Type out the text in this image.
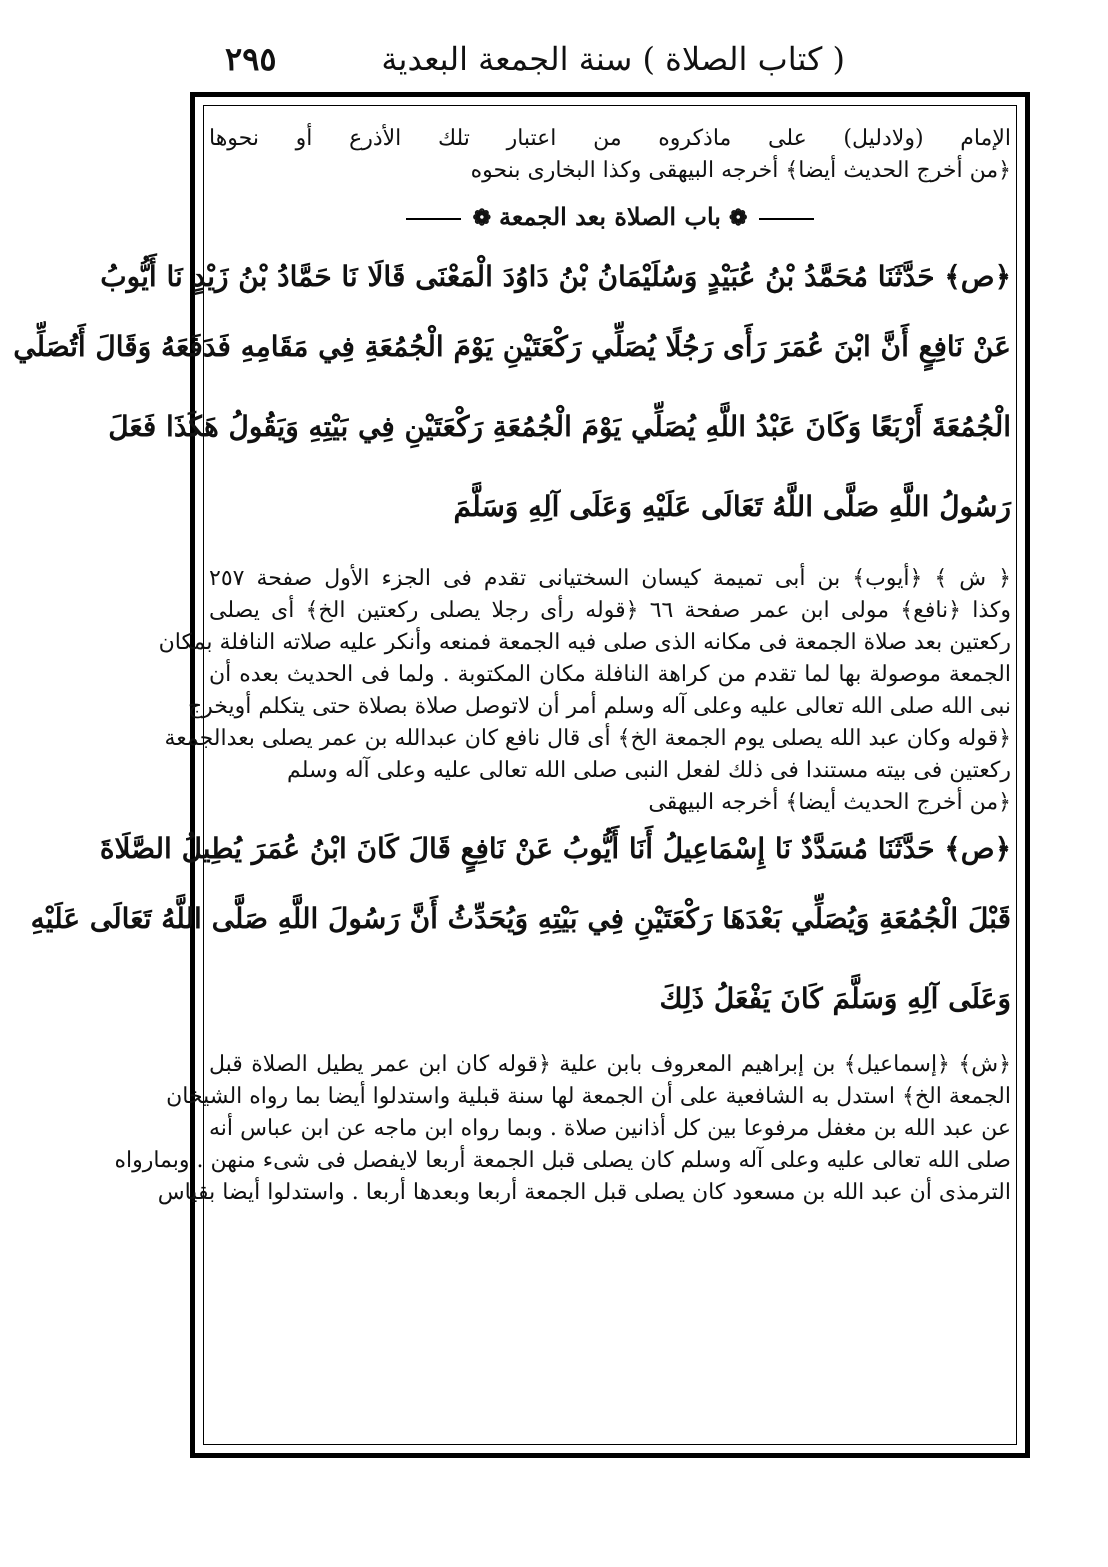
٢٩٥	( كتاب الصلاة ) سنة الجمعة البعدية
الإمام (ولادليل) على ماذكروه من اعتبار تلك الأذرع أو نحوها
﴿من أخرج الحديث أيضا﴾ أخرجه البيهقى وكذا البخارى بنحوه
❁باب الصلاة بعد الجمعة❁
﴿ص﴾ حَدَّثَنَا مُحَمَّدُ بْنُ عُبَيْدٍ وَسُلَيْمَانُ بْنُ دَاوُدَ الْمَعْنَى قَالَا نَا حَمَّادُ بْنُ زَيْدٍ نَا أَيُّوبُ
عَنْ نَافِعٍ أَنَّ ابْنَ عُمَرَ رَأَى رَجُلًا يُصَلِّي رَكْعَتَيْنِ يَوْمَ الْجُمُعَةِ فِي مَقَامِهِ فَدَفَعَهُ وَقَالَ أَتُصَلِّي
الْجُمُعَةَ أَرْبَعًا وَكَانَ عَبْدُ اللَّهِ يُصَلِّي يَوْمَ الْجُمُعَةِ رَكْعَتَيْنِ فِي بَيْتِهِ وَيَقُولُ هَكَذَا فَعَلَ
رَسُولُ اللَّهِ صَلَّى اللَّهُ تَعَالَى عَلَيْهِ وَعَلَى آلِهِ وَسَلَّمَ
﴿ ش ﴾ ﴿أيوب﴾ بن أبى تميمة كيسان السختيانى تقدم فى الجزء الأول صفحة ٢٥٧
وكذا ﴿نافع﴾ مولى ابن عمر صفحة ٦٦ ﴿قوله رأى رجلا يصلى ركعتين الخ﴾ أى يصلى
ركعتين بعد صلاة الجمعة فى مكانه الذى صلى فيه الجمعة فمنعه وأنكر عليه صلاته النافلة بمكان
الجمعة موصولة بها لما تقدم من كراهة النافلة مكان المكتوبة . ولما فى الحديث بعده أن
نبى الله صلى الله تعالى عليه وعلى آله وسلم أمر أن لاتوصل صلاة بصلاة حتى يتكلم أويخرج
﴿قوله وكان عبد الله يصلى يوم الجمعة الخ﴾ أى قال نافع كان عبدالله بن عمر يصلى بعدالجمعة
ركعتين فى بيته مستندا فى ذلك لفعل النبى صلى الله تعالى عليه وعلى آله وسلم
﴿من أخرج الحديث أيضا﴾ أخرجه البيهقى
﴿ص﴾ حَدَّثَنَا مُسَدَّدٌ نَا إِسْمَاعِيلُ أَنَا أَيُّوبُ عَنْ نَافِعٍ قَالَ كَانَ ابْنُ عُمَرَ يُطِيلُ الصَّلَاةَ
قَبْلَ الْجُمُعَةِ وَيُصَلِّي بَعْدَهَا رَكْعَتَيْنِ فِي بَيْتِهِ وَيُحَدِّثُ أَنَّ رَسُولَ اللَّهِ صَلَّى اللَّهُ تَعَالَى عَلَيْهِ
وَعَلَى آلِهِ وَسَلَّمَ كَانَ يَفْعَلُ ذَلِكَ
﴿ش﴾ ﴿إسماعيل﴾ بن إبراهيم المعروف بابن علية ﴿قوله كان ابن عمر يطيل الصلاة قبل
الجمعة الخ﴾ استدل به الشافعية على أن الجمعة لها سنة قبلية واستدلوا أيضا بما رواه الشيخان
عن عبد الله بن مغفل مرفوعا بين كل أذانين صلاة . وبما رواه ابن ماجه عن ابن عباس أنه
صلى الله تعالى عليه وعلى آله وسلم كان يصلى قبل الجمعة أربعا لايفصل فى شىء منهن . وبمارواه
الترمذى أن عبد الله بن مسعود كان يصلى قبل الجمعة أربعا وبعدها أربعا . واستدلوا أيضا بقياس
